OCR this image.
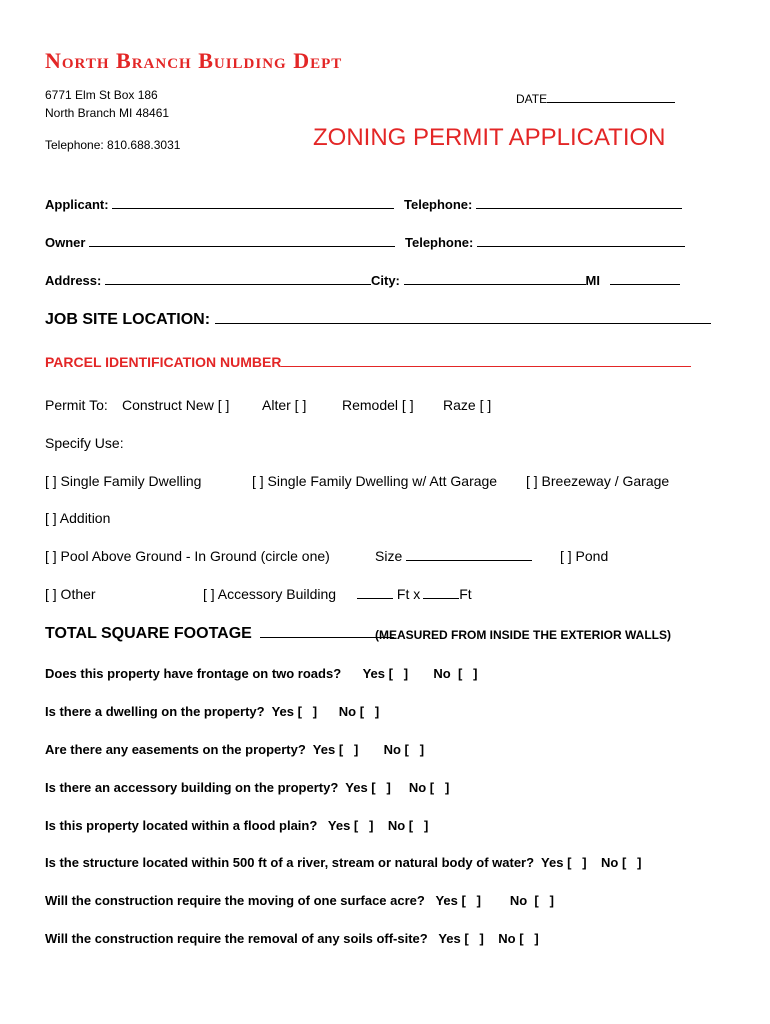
North Branch Building Dept
6771 Elm St Box 186
North Branch MI 48461
Telephone: 810.688.3031
DATE
ZONING PERMIT APPLICATION
Applicant:	Telephone:
Owner	Telephone:
Address:	City:	MI
JOB SITE LOCATION:
PARCEL IDENTIFICATION NUMBER
Permit To: Construct New [ ] Alter [ ]	Remodel [ ] Raze [ ]
Specify Use:
[ ] Single Family Dwelling	[ ] Single Family Dwelling w/ Att Garage [ ] Breezeway / Garage
[ ] Addition
[ ] Pool Above Ground - In Ground (circle one)	Size	[ ] Pond
[ ] Other	[ ] Accessory Building	Ft x	Ft
TOTAL SQUARE FOOTAGE	(MEASURED FROM INSIDE THE EXTERIOR WALLS)
Does this property have frontage on two roads?      Yes [   ]       No  [   ]
Is there a dwelling on the property?  Yes [   ]      No [   ]
Are there any easements on the property?  Yes [   ]       No [   ]
Is there an accessory building on the property?  Yes [   ]     No [   ]
Is this property located within a flood plain?   Yes [   ]    No [   ]
Is the structure located within 500 ft of a river, stream or natural body of water?  Yes [   ]    No [   ]
Will the construction require the moving of one surface acre?   Yes [   ]        No  [   ]
Will the construction require the removal of any soils off-site?   Yes [   ]    No [   ]
